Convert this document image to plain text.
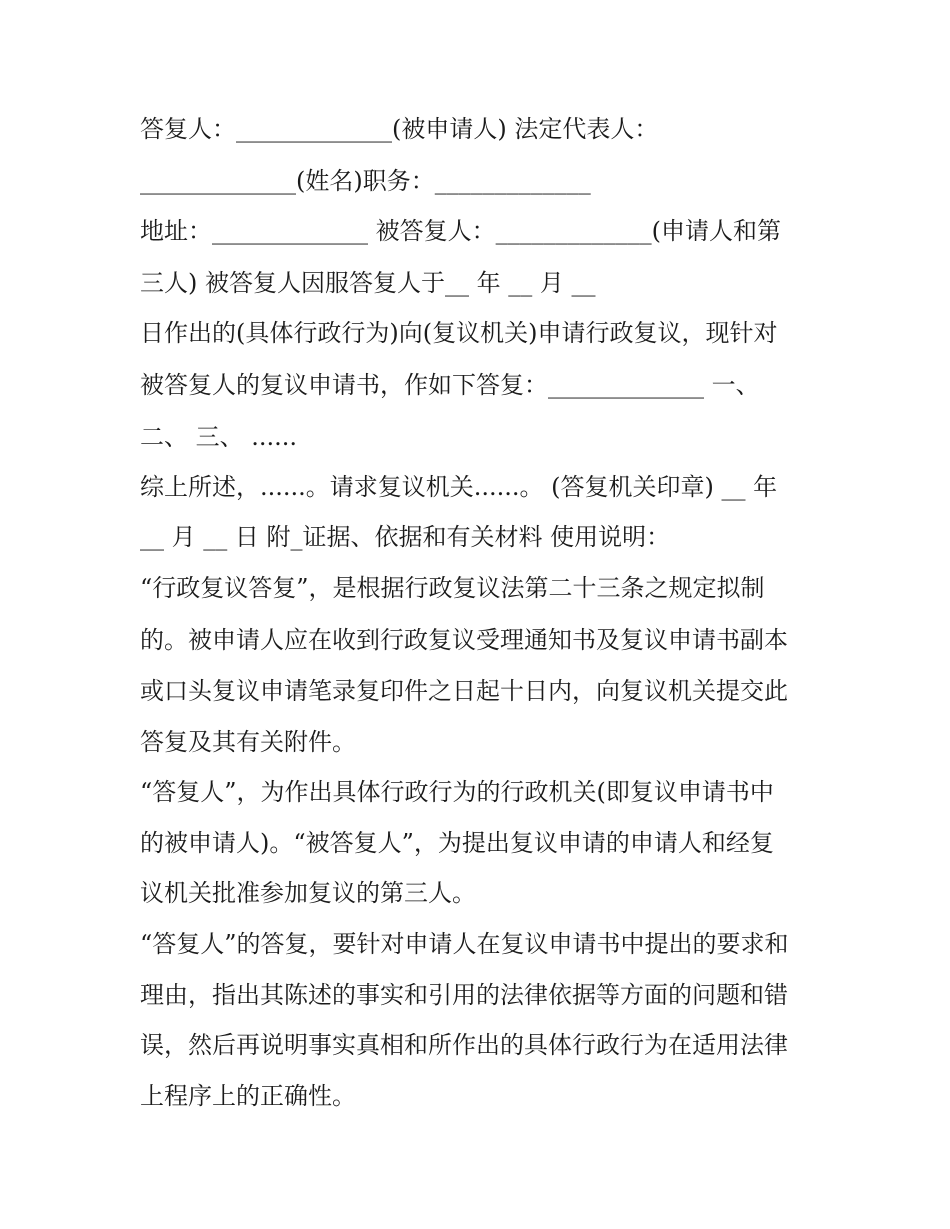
答复人：_____________(被申请人) 法定代表人：
_____________(姓名)职务：_____________
地址：_____________ 被答复人：_____________(申请人和第
三人) 被答复人因服答复人于__ 年 __ 月 __
日作出的(具体行政行为)向(复议机关)申请行政复议，现针对
被答复人的复议申请书，作如下答复：_____________ 一、
二、 三、 ......
综上所述，......。请求复议机关......。 (答复机关印章) __ 年
__ 月 __ 日 附_证据、依据和有关材料 使用说明：
“行政复议答复”，是根据行政复议法第二十三条之规定拟制
的。被申请人应在收到行政复议受理通知书及复议申请书副本
或口头复议申请笔录复印件之日起十日内，向复议机关提交此
答复及其有关附件。
“答复人”，为作出具体行政行为的行政机关(即复议申请书中
的被申请人)。“被答复人”，为提出复议申请的申请人和经复
议机关批准参加复议的第三人。
“答复人”的答复，要针对申请人在复议申请书中提出的要求和
理由，指出其陈述的事实和引用的法律依据等方面的问题和错
误，然后再说明事实真相和所作出的具体行政行为在适用法律
上程序上的正确性。
